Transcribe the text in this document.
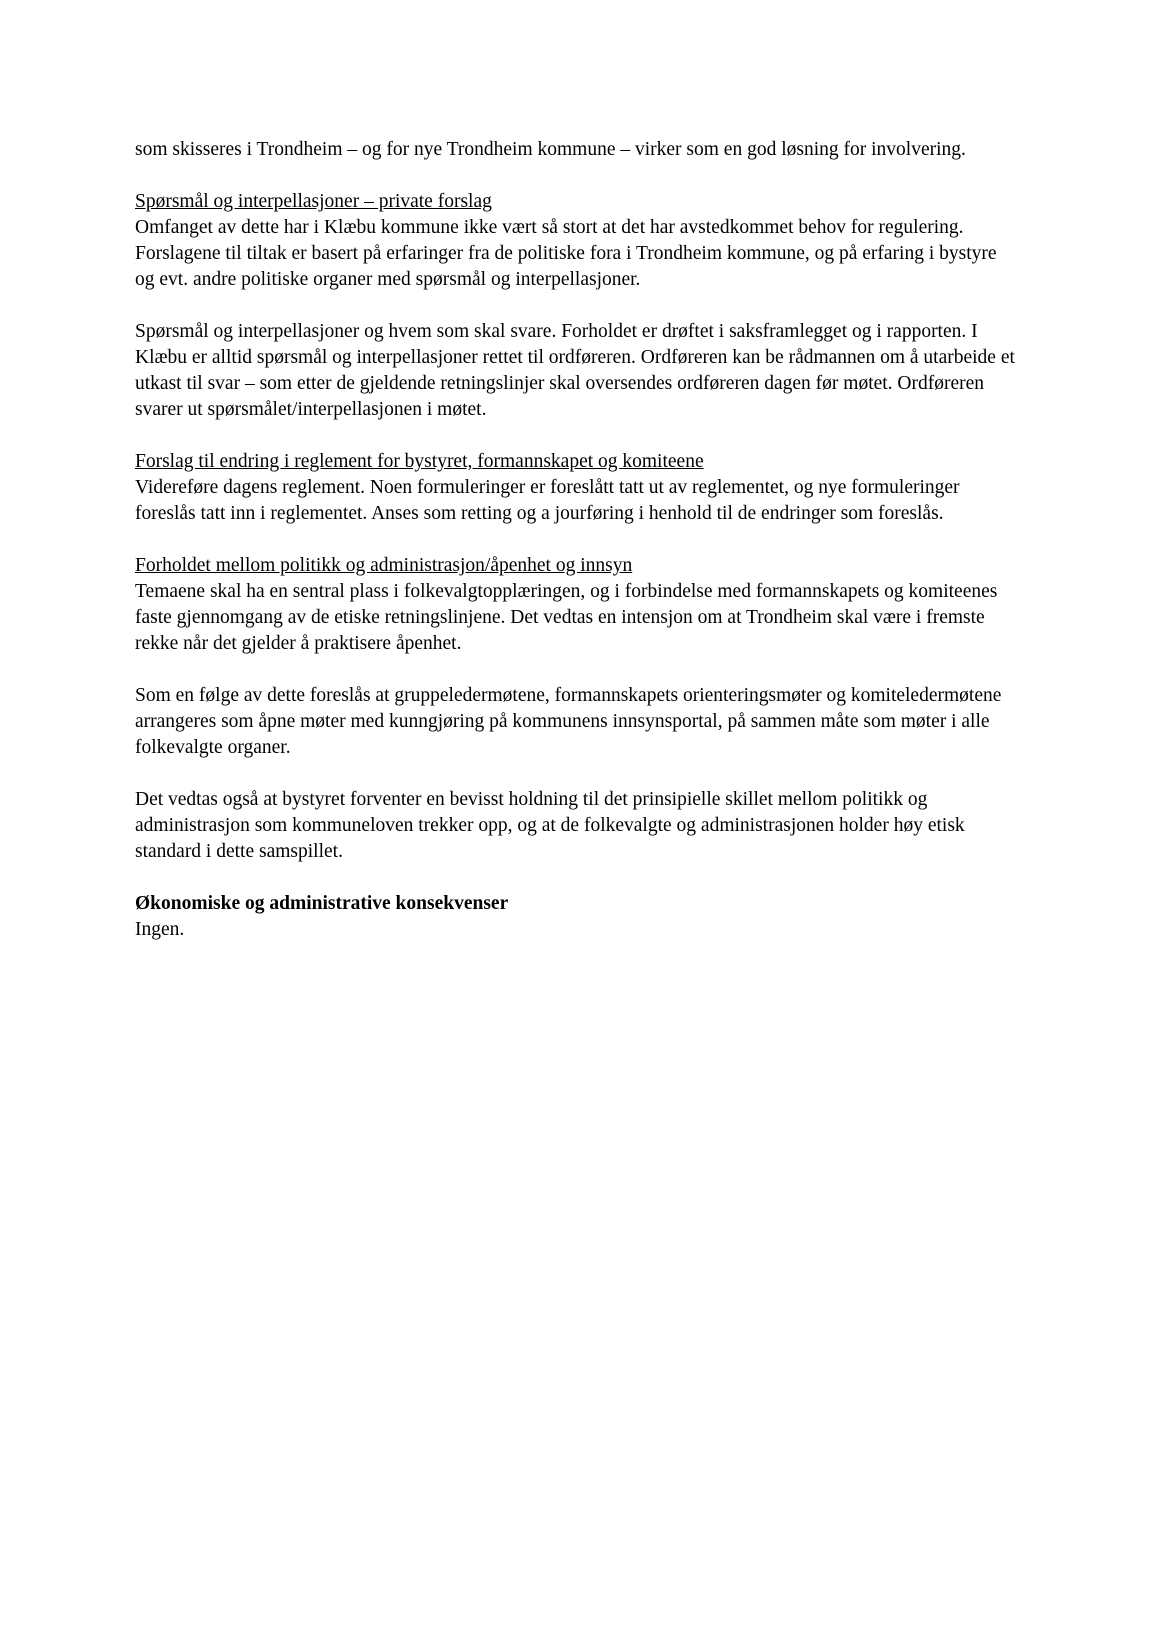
som skisseres i Trondheim – og for nye Trondheim kommune – virker som en god løsning for involvering.

Spørsmål og interpellasjoner – private forslag

Omfanget av dette har i Klæbu kommune ikke vært så stort at det har avstedkommet behov for regulering. Forslagene til tiltak er basert på erfaringer fra de politiske fora i Trondheim kommune, og på erfaring i bystyre og evt. andre politiske organer med spørsmål og interpellasjoner.

Spørsmål og interpellasjoner og hvem som skal svare. Forholdet er drøftet i saksframlegget og i rapporten. I Klæbu er alltid spørsmål og interpellasjoner rettet til ordføreren. Ordføreren kan be rådmannen om å utarbeide et utkast til svar – som etter de gjeldende retningslinjer skal oversendes ordføreren dagen før møtet. Ordføreren svarer ut spørsmålet/interpellasjonen i møtet.

Forslag til endring i reglement for bystyret, formannskapet og komiteene

Videreføre dagens reglement. Noen formuleringer er foreslått tatt ut av reglementet, og nye formuleringer foreslås tatt inn i reglementet. Anses som retting og a jourføring i henhold til de endringer som foreslås.

Forholdet mellom politikk og administrasjon/åpenhet og innsyn

Temaene skal ha en sentral plass i folkevalgtopplæringen, og i forbindelse med formannskapets og komiteenes faste gjennomgang av de etiske retningslinjene. Det vedtas en intensjon om at Trondheim skal være i fremste rekke når det gjelder å praktisere åpenhet.

Som en følge av dette foreslås at gruppeledermøtene, formannskapets orienteringsmøter og komiteledermøtene arrangeres som åpne møter med kunngjøring på kommunens innsynsportal, på sammen måte som møter i alle folkevalgte organer.

Det vedtas også at bystyret forventer en bevisst holdning til det prinsipielle skillet mellom politikk og administrasjon som kommuneloven trekker opp, og at de folkevalgte og administrasjonen holder høy etisk standard i dette samspillet.

Økonomiske og administrative konsekvenser

Ingen.
